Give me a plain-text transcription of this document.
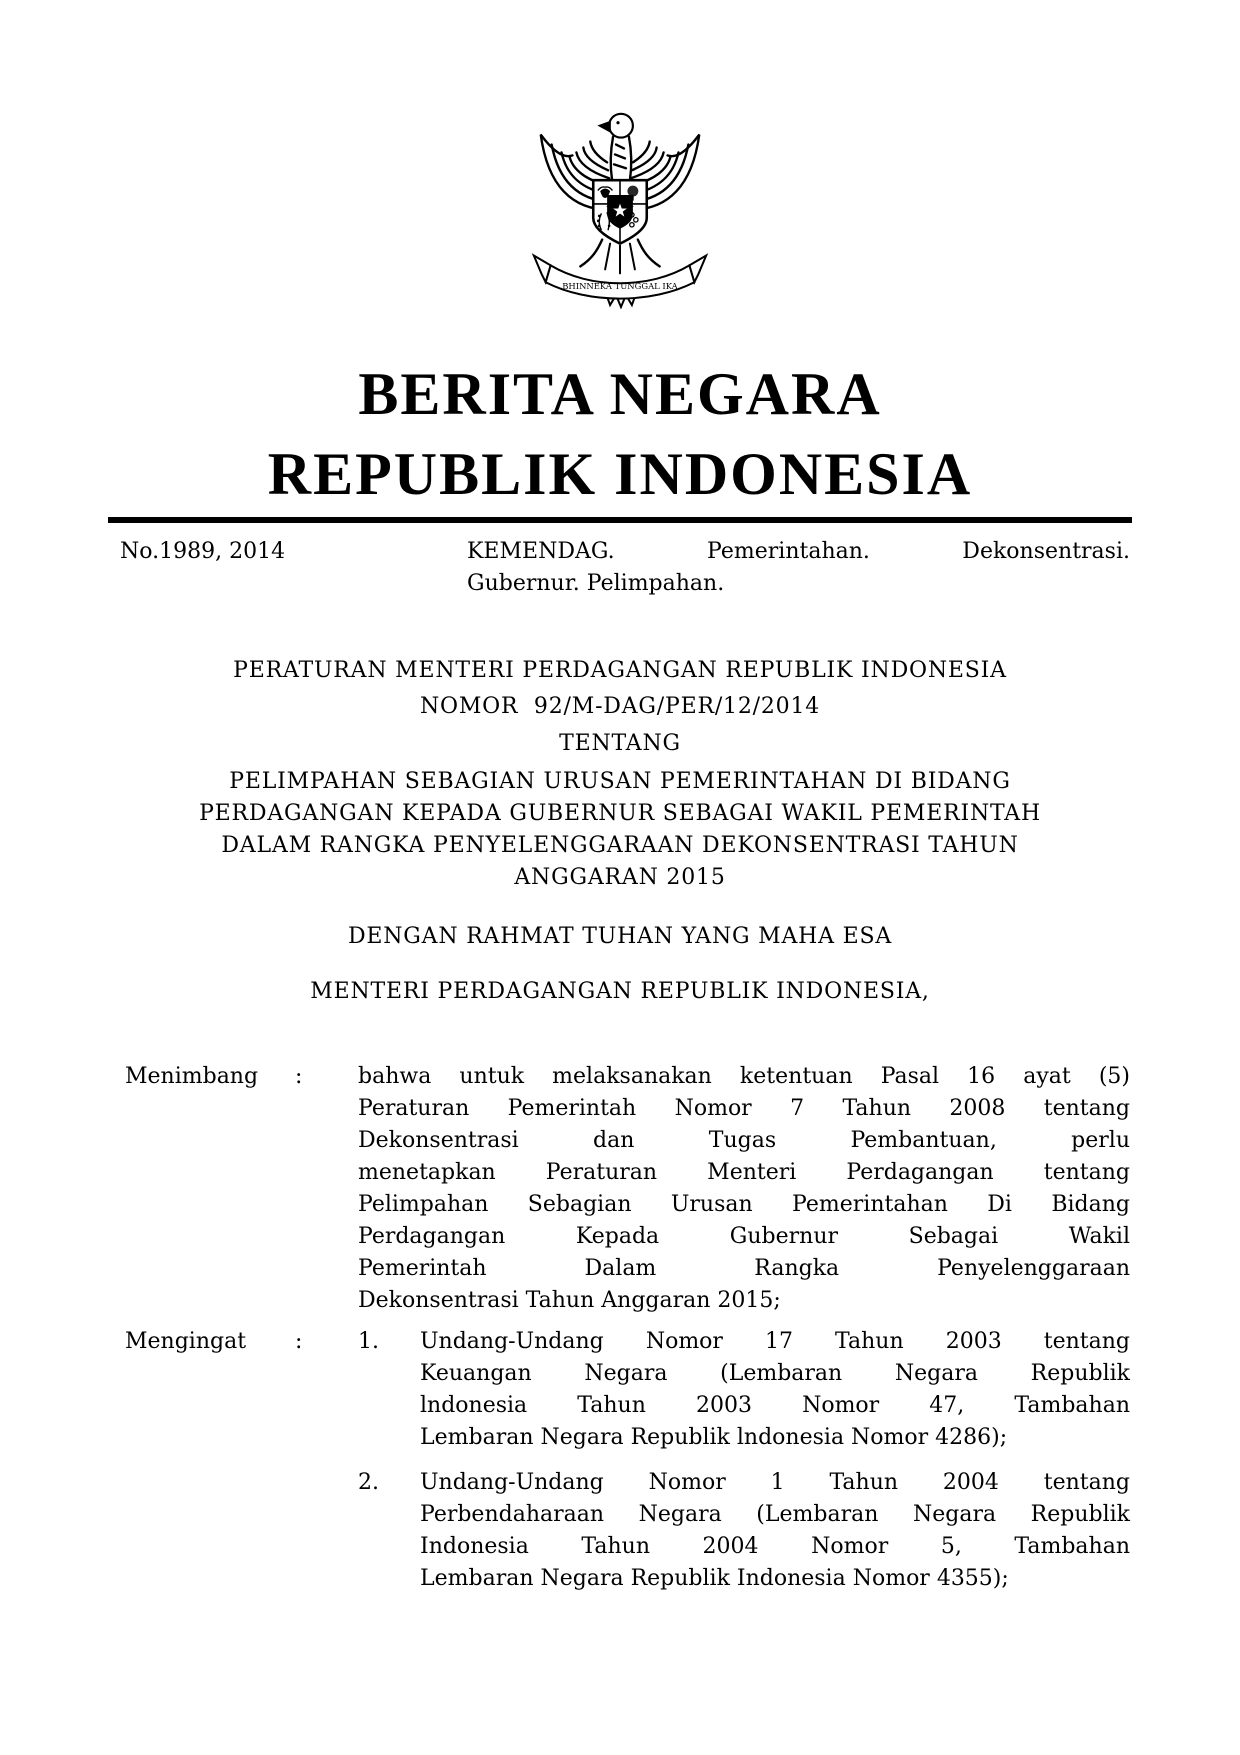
BHINNEKA TUNGGAL IKA
BERITA NEGARA
REPUBLIK INDONESIA
No.1989, 2014	KEMENDAG. Pemerintahan. Dekonsentrasi.
Gubernur. Pelimpahan.
PERATURAN MENTERI PERDAGANGAN REPUBLIK INDONESIA
NOMOR  92/M-DAG/PER/12/2014
TENTANG
PELIMPAHAN SEBAGIAN URUSAN PEMERINTAHAN DI BIDANG
PERDAGANGAN KEPADA GUBERNUR SEBAGAI WAKIL PEMERINTAH
DALAM RANGKA PENYELENGGARAAN DEKONSENTRASI TAHUN
ANGGARAN 2015
DENGAN RAHMAT TUHAN YANG MAHA ESA
MENTERI PERDAGANGAN REPUBLIK INDONESIA,
Menimbang	:	bahwa untuk melaksanakan ketentuan Pasal 16 ayat (5)
Peraturan Pemerintah Nomor 7 Tahun 2008 tentang
Dekonsentrasi dan Tugas Pembantuan, perlu
menetapkan Peraturan Menteri Perdagangan tentang
Pelimpahan Sebagian Urusan Pemerintahan Di Bidang
Perdagangan Kepada Gubernur Sebagai Wakil
Pemerintah Dalam Rangka Penyelenggaraan
Dekonsentrasi Tahun Anggaran 2015;
Mengingat	:	1.	Undang-Undang Nomor 17 Tahun 2003 tentang
Keuangan Negara (Lembaran Negara Republik
lndonesia Tahun 2003 Nomor 47, Tambahan
Lembaran Negara Republik lndonesia Nomor 4286);
2.	Undang-Undang Nomor 1 Tahun 2004 tentang
Perbendaharaan Negara (Lembaran Negara Republik
Indonesia Tahun 2004 Nomor 5, Tambahan
Lembaran Negara Republik Indonesia Nomor 4355);
